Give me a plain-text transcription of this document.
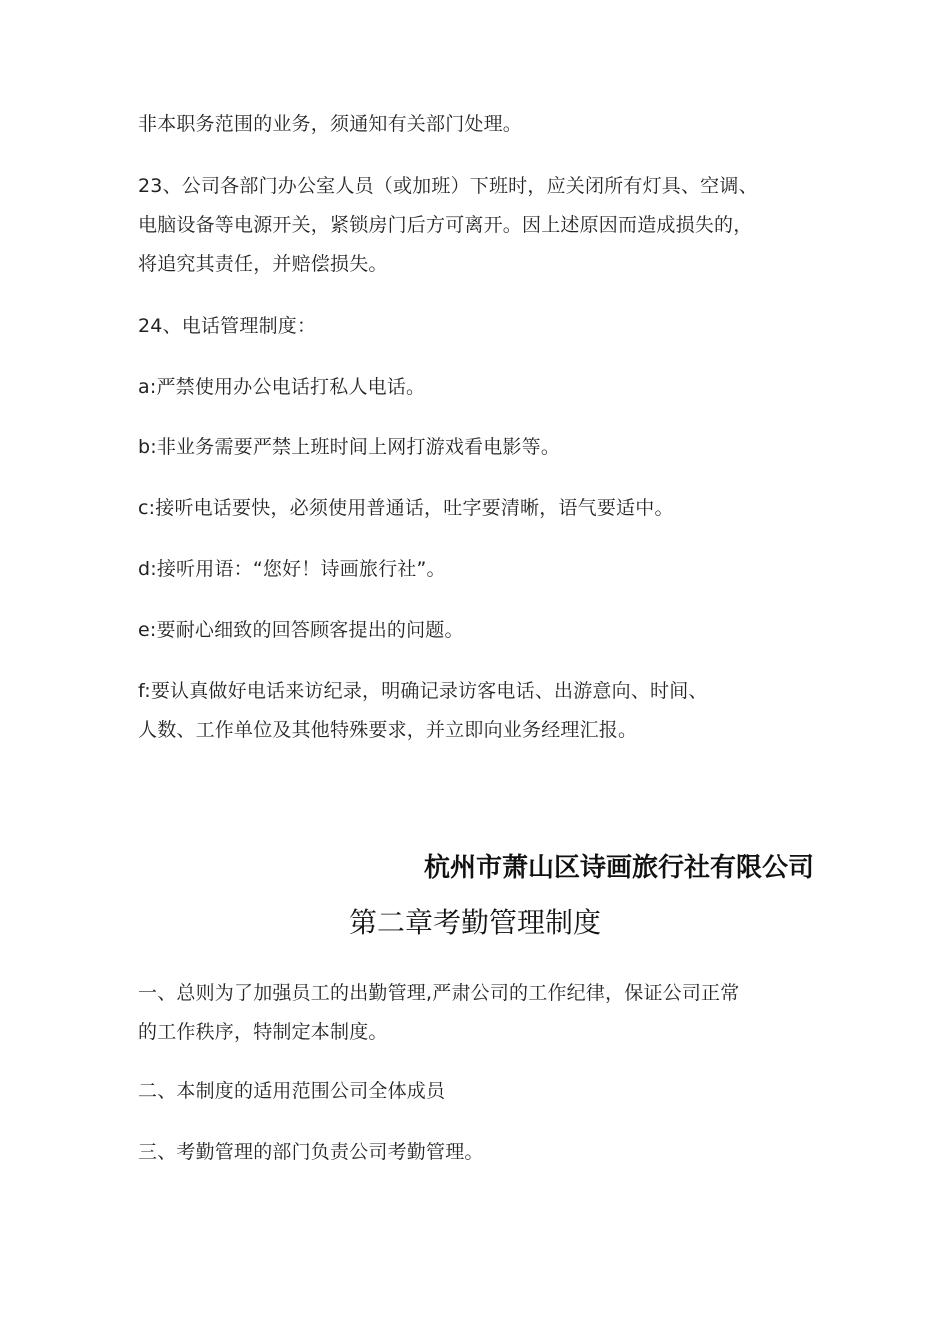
非本职务范围的业务，须通知有关部门处理。
23、公司各部门办公室人员（或加班）下班时，应关闭所有灯具、空调、
电脑设备等电源开关，紧锁房门后方可离开。因上述原因而造成损失的，
将追究其责任，并赔偿损失。
24、电话管理制度：
a:严禁使用办公电话打私人电话。
b:非业务需要严禁上班时间上网打游戏看电影等。
c:接听电话要快，必须使用普通话，吐字要清晰，语气要适中。
d:接听用语：“您好！诗画旅行社”。
e:要耐心细致的回答顾客提出的问题。
f:要认真做好电话来访纪录，明确记录访客电话、出游意向、时间、
人数、工作单位及其他特殊要求，并立即向业务经理汇报。
杭州市萧山区诗画旅行社有限公司
第二章考勤管理制度
一、总则为了加强员工的出勤管理,严肃公司的工作纪律，保证公司正常
的工作秩序，特制定本制度。
二、本制度的适用范围公司全体成员
三、考勤管理的部门负责公司考勤管理。
